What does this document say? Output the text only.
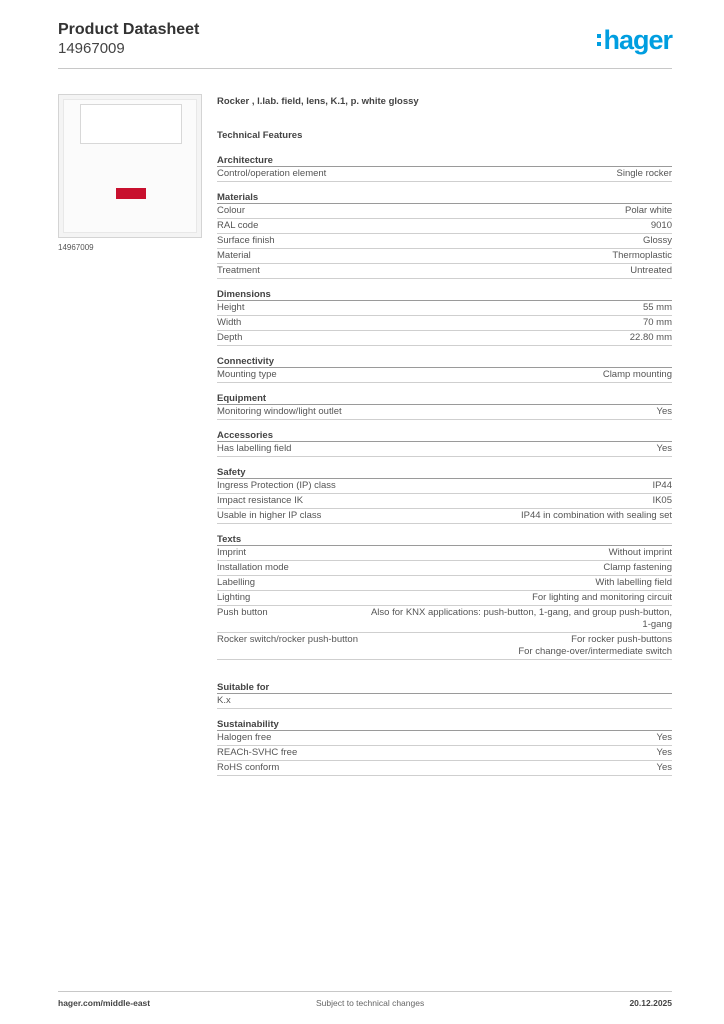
Product Datasheet
14967009	hager
14967009
Rocker , l.lab. field, lens, K.1, p. white glossy
Technical Features
Architecture
Control/operation element	Single rocker
Materials
Colour	Polar white
RAL code	9010
Surface finish	Glossy
Material	Thermoplastic
Treatment	Untreated
Dimensions
Height	55 mm
Width	70 mm
Depth	22.80 mm
Connectivity
Mounting type	Clamp mounting
Equipment
Monitoring window/light outlet	Yes
Accessories
Has labelling field	Yes
Safety
Ingress Protection (IP) class	IP44
Impact resistance IK	IK05
Usable in higher IP class	IP44 in combination with sealing set
Texts
Imprint	Without imprint
Installation mode	Clamp fastening
Labelling	With labelling field
Lighting	For lighting and monitoring circuit
Push button	Also for KNX applications: push-button, 1-gang, and group push-button,
1-gang
Rocker switch/rocker push-button	For rocker push-buttons
For change-over/intermediate switch
Suitable for
K.x
Sustainability
Halogen free	Yes
REACh-SVHC free	Yes
RoHS conform	Yes
hager.com/middle-east	Subject to technical changes	20.12.2025
